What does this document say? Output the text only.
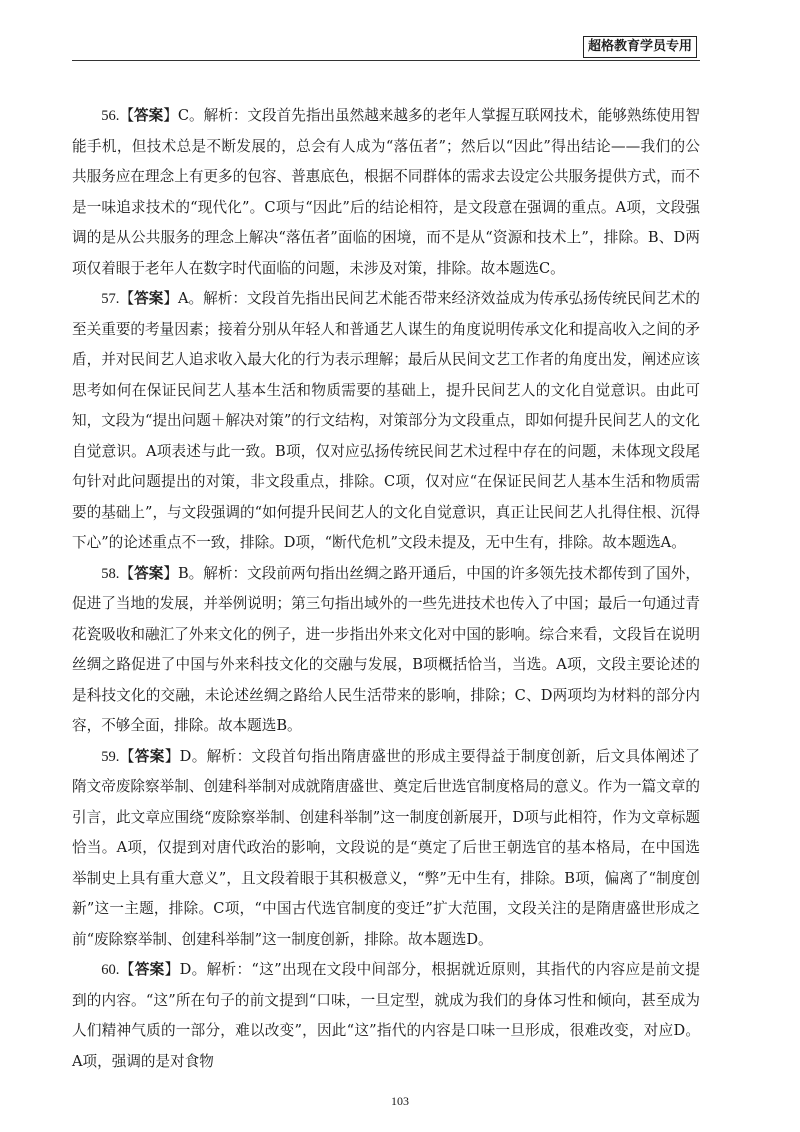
超格教育学员专用

56.【答案】C。解析：文段首先指出虽然越来越多的老年人掌握互联网技术，能够熟练使用智能手机，但技术总是不断发展的，总会有人成为“落伍者”；然后以“因此”得出结论——我们的公共服务应在理念上有更多的包容、普惠底色，根据不同群体的需求去设定公共服务提供方式，而不是一味追求技术的“现代化”。C项与“因此”后的结论相符，是文段意在强调的重点。A项，文段强调的是从公共服务的理念上解决“落伍者”面临的困境，而不是从“资源和技术上”，排除。B、D两项仅着眼于老年人在数字时代面临的问题，未涉及对策，排除。故本题选C。

57.【答案】A。解析：文段首先指出民间艺术能否带来经济效益成为传承弘扬传统民间艺术的至关重要的考量因素；接着分别从年轻人和普通艺人谋生的角度说明传承文化和提高收入之间的矛盾，并对民间艺人追求收入最大化的行为表示理解；最后从民间文艺工作者的角度出发，阐述应该思考如何在保证民间艺人基本生活和物质需要的基础上，提升民间艺人的文化自觉意识。由此可知，文段为“提出问题＋解决对策”的行文结构，对策部分为文段重点，即如何提升民间艺人的文化自觉意识。A项表述与此一致。B项，仅对应弘扬传统民间艺术过程中存在的问题，未体现文段尾句针对此问题提出的对策，非文段重点，排除。C项，仅对应“在保证民间艺人基本生活和物质需要的基础上”，与文段强调的“如何提升民间艺人的文化自觉意识，真正让民间艺人扎得住根、沉得下心”的论述重点不一致，排除。D项，“断代危机”文段未提及，无中生有，排除。故本题选A。

58.【答案】B。解析：文段前两句指出丝绸之路开通后，中国的许多领先技术都传到了国外，促进了当地的发展，并举例说明；第三句指出域外的一些先进技术也传入了中国；最后一句通过青花瓷吸收和融汇了外来文化的例子，进一步指出外来文化对中国的影响。综合来看，文段旨在说明丝绸之路促进了中国与外来科技文化的交融与发展，B项概括恰当，当选。A项，文段主要论述的是科技文化的交融，未论述丝绸之路给人民生活带来的影响，排除；C、D两项均为材料的部分内容，不够全面，排除。故本题选B。

59.【答案】D。解析：文段首句指出隋唐盛世的形成主要得益于制度创新，后文具体阐述了隋文帝废除察举制、创建科举制对成就隋唐盛世、奠定后世选官制度格局的意义。作为一篇文章的引言，此文章应围绕“废除察举制、创建科举制”这一制度创新展开，D项与此相符，作为文章标题恰当。A项，仅提到对唐代政治的影响，文段说的是“奠定了后世王朝选官的基本格局，在中国选举制史上具有重大意义”，且文段着眼于其积极意义，“弊”无中生有，排除。B项，偏离了“制度创新”这一主题，排除。C项，“中国古代选官制度的变迁”扩大范围，文段关注的是隋唐盛世形成之前“废除察举制、创建科举制”这一制度创新，排除。故本题选D。

60.【答案】D。解析：“这”出现在文段中间部分，根据就近原则，其指代的内容应是前文提到的内容。“这”所在句子的前文提到“口味，一旦定型，就成为我们的身体习性和倾向，甚至成为人们精神气质的一部分，难以改变”，因此“这”指代的内容是口味一旦形成，很难改变，对应D。A项，强调的是对食物

103
